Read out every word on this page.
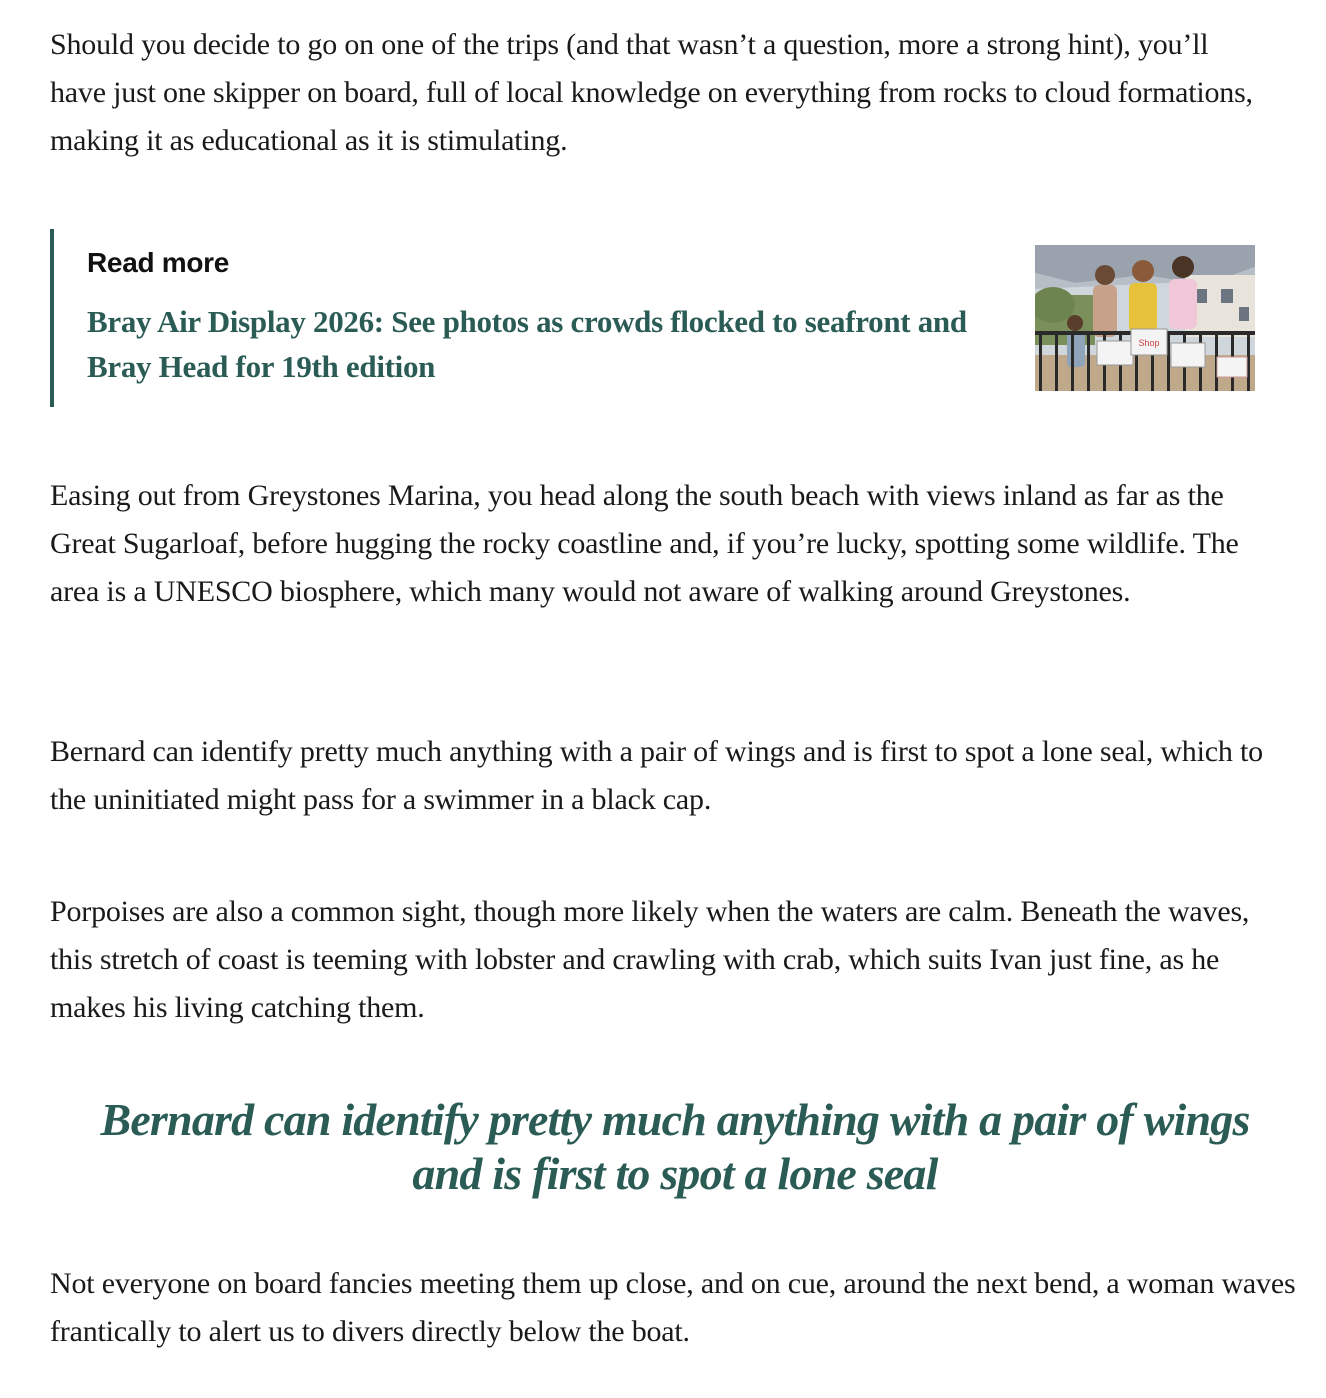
Should you decide to go on one of the trips (and that wasn’t a question, more a strong hint), you’ll have just one skipper on board, full of local knowledge on everything from rocks to cloud formations, making it as educational as it is stimulating.

Read more
Bray Air Display 2026: See photos as crowds flocked to seafront and Bray Head for 19th edition
Shop

Easing out from Greystones Marina, you head along the south beach with views inland as far as the Great Sugarloaf, before hugging the rocky coastline and, if you’re lucky, spotting some wildlife. The area is a UNESCO biosphere, which many would not aware of walking around Greystones.

Bernard can identify pretty much anything with a pair of wings and is first to spot a lone seal, which to the uninitiated might pass for a swimmer in a black cap.

Porpoises are also a common sight, though more likely when the waters are calm. Beneath the waves, this stretch of coast is teeming with lobster and crawling with crab, which suits Ivan just fine, as he makes his living catching them.

Bernard can identify pretty much anything with a pair of wings and is first to spot a lone seal

Not everyone on board fancies meeting them up close, and on cue, around the next bend, a woman waves frantically to alert us to divers directly below the boat.
